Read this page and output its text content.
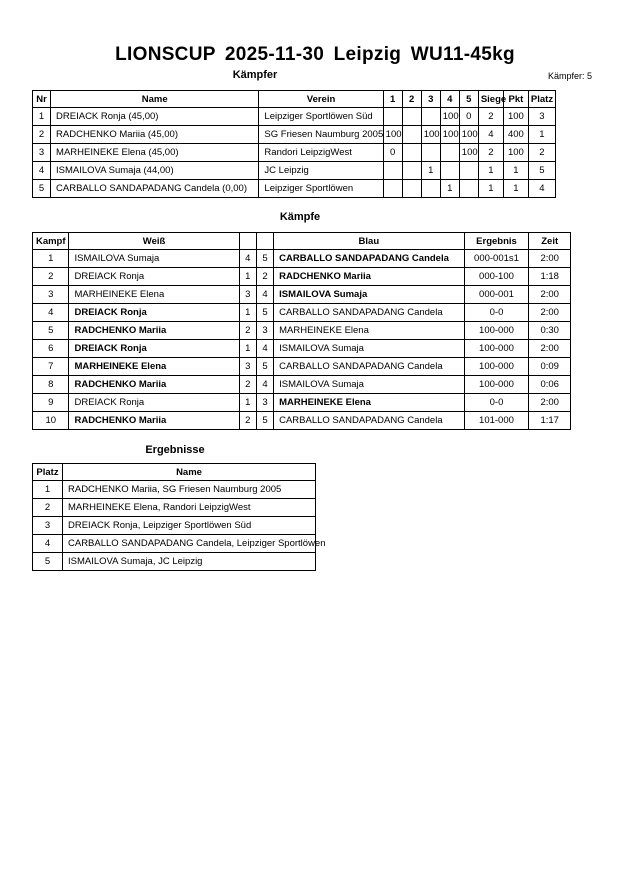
LIONSCUP 2025-11-30 Leipzig WU11-45kg
Kämpfer	Kämpfer: 5
Nr	Name	Verein	1	2	3	4	5	Siege	Pkt	Platz
1	DREIACK Ronja (45,00)	Leipziger Sportlöwen Süd				100	0	2	100	3
2	RADCHENKO Mariia (45,00)	SG Friesen Naumburg 2005	100		100	100	100	4	400	1
3	MARHEINEKE Elena (45,00)	Randori LeipzigWest	0				100	2	100	2
4	ISMAILOVA Sumaja (44,00)	JC Leipzig			1			1	1	5
5	CARBALLO SANDAPADANG Candela (0,00)	Leipziger Sportlöwen				1		1	1	4
Kämpfe
Kampf	Weiß			Blau	Ergebnis	Zeit
1	ISMAILOVA Sumaja	4	5	CARBALLO SANDAPADANG Candela	000-001s1	2:00
2	DREIACK Ronja	1	2	RADCHENKO Mariia	000-100	1:18
3	MARHEINEKE Elena	3	4	ISMAILOVA Sumaja	000-001	2:00
4	DREIACK Ronja	1	5	CARBALLO SANDAPADANG Candela	0-0	2:00
5	RADCHENKO Mariia	2	3	MARHEINEKE Elena	100-000	0:30
6	DREIACK Ronja	1	4	ISMAILOVA Sumaja	100-000	2:00
7	MARHEINEKE Elena	3	5	CARBALLO SANDAPADANG Candela	100-000	0:09
8	RADCHENKO Mariia	2	4	ISMAILOVA Sumaja	100-000	0:06
9	DREIACK Ronja	1	3	MARHEINEKE Elena	0-0	2:00
10	RADCHENKO Mariia	2	5	CARBALLO SANDAPADANG Candela	101-000	1:17
Ergebnisse
Platz	Name
1	RADCHENKO Mariia, SG Friesen Naumburg 2005
2	MARHEINEKE Elena, Randori LeipzigWest
3	DREIACK Ronja, Leipziger Sportlöwen Süd
4	CARBALLO SANDAPADANG Candela, Leipziger Sportlöwen
5	ISMAILOVA Sumaja, JC Leipzig
